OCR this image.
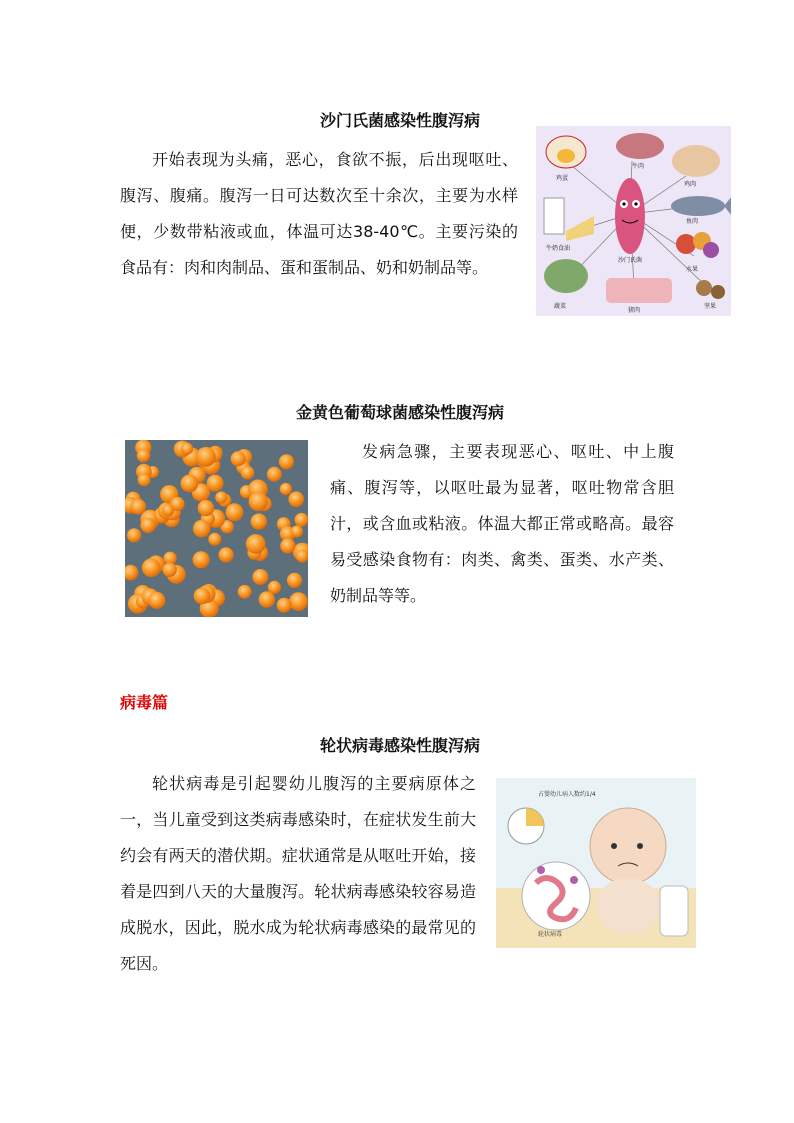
沙门氏菌感染性腹泻病

开始表现为头痛，恶心，食欲不振，后出现呕吐、腹泻、腹痛。腹泻一日可达数次至十余次，主要为水样便，少数带粘液或血，体温可达38-40℃。主要污染的食品有：肉和肉制品、蛋和蛋制品、奶和奶制品等。

鸡蛋
牛肉
鸡肉
鱼肉
牛奶食油
水果
蔬菜
猪肉
坚果
沙门氏菌
金黄色葡萄球菌感染性腹泻病

发病急骤，主要表现恶心、呕吐、中上腹痛、腹泻等，以呕吐最为显著，呕吐物常含胆汁，或含血或粘液。体温大都正常或略高。最容易受感染食物有：肉类、禽类、蛋类、水产类、奶制品等等。

病毒篇
轮状病毒感染性腹泻病

轮状病毒是引起婴幼儿腹泻的主要病原体之一，当儿童受到这类病毒感染时，在症状发生前大约会有两天的潜伏期。症状通常是从呕吐开始，接着是四到八天的大量腹泻。轮状病毒感染较容易造成脱水，因此，脱水成为轮状病毒感染的最常见的死因。

占婴幼儿病人数约1/4
轮状病毒
